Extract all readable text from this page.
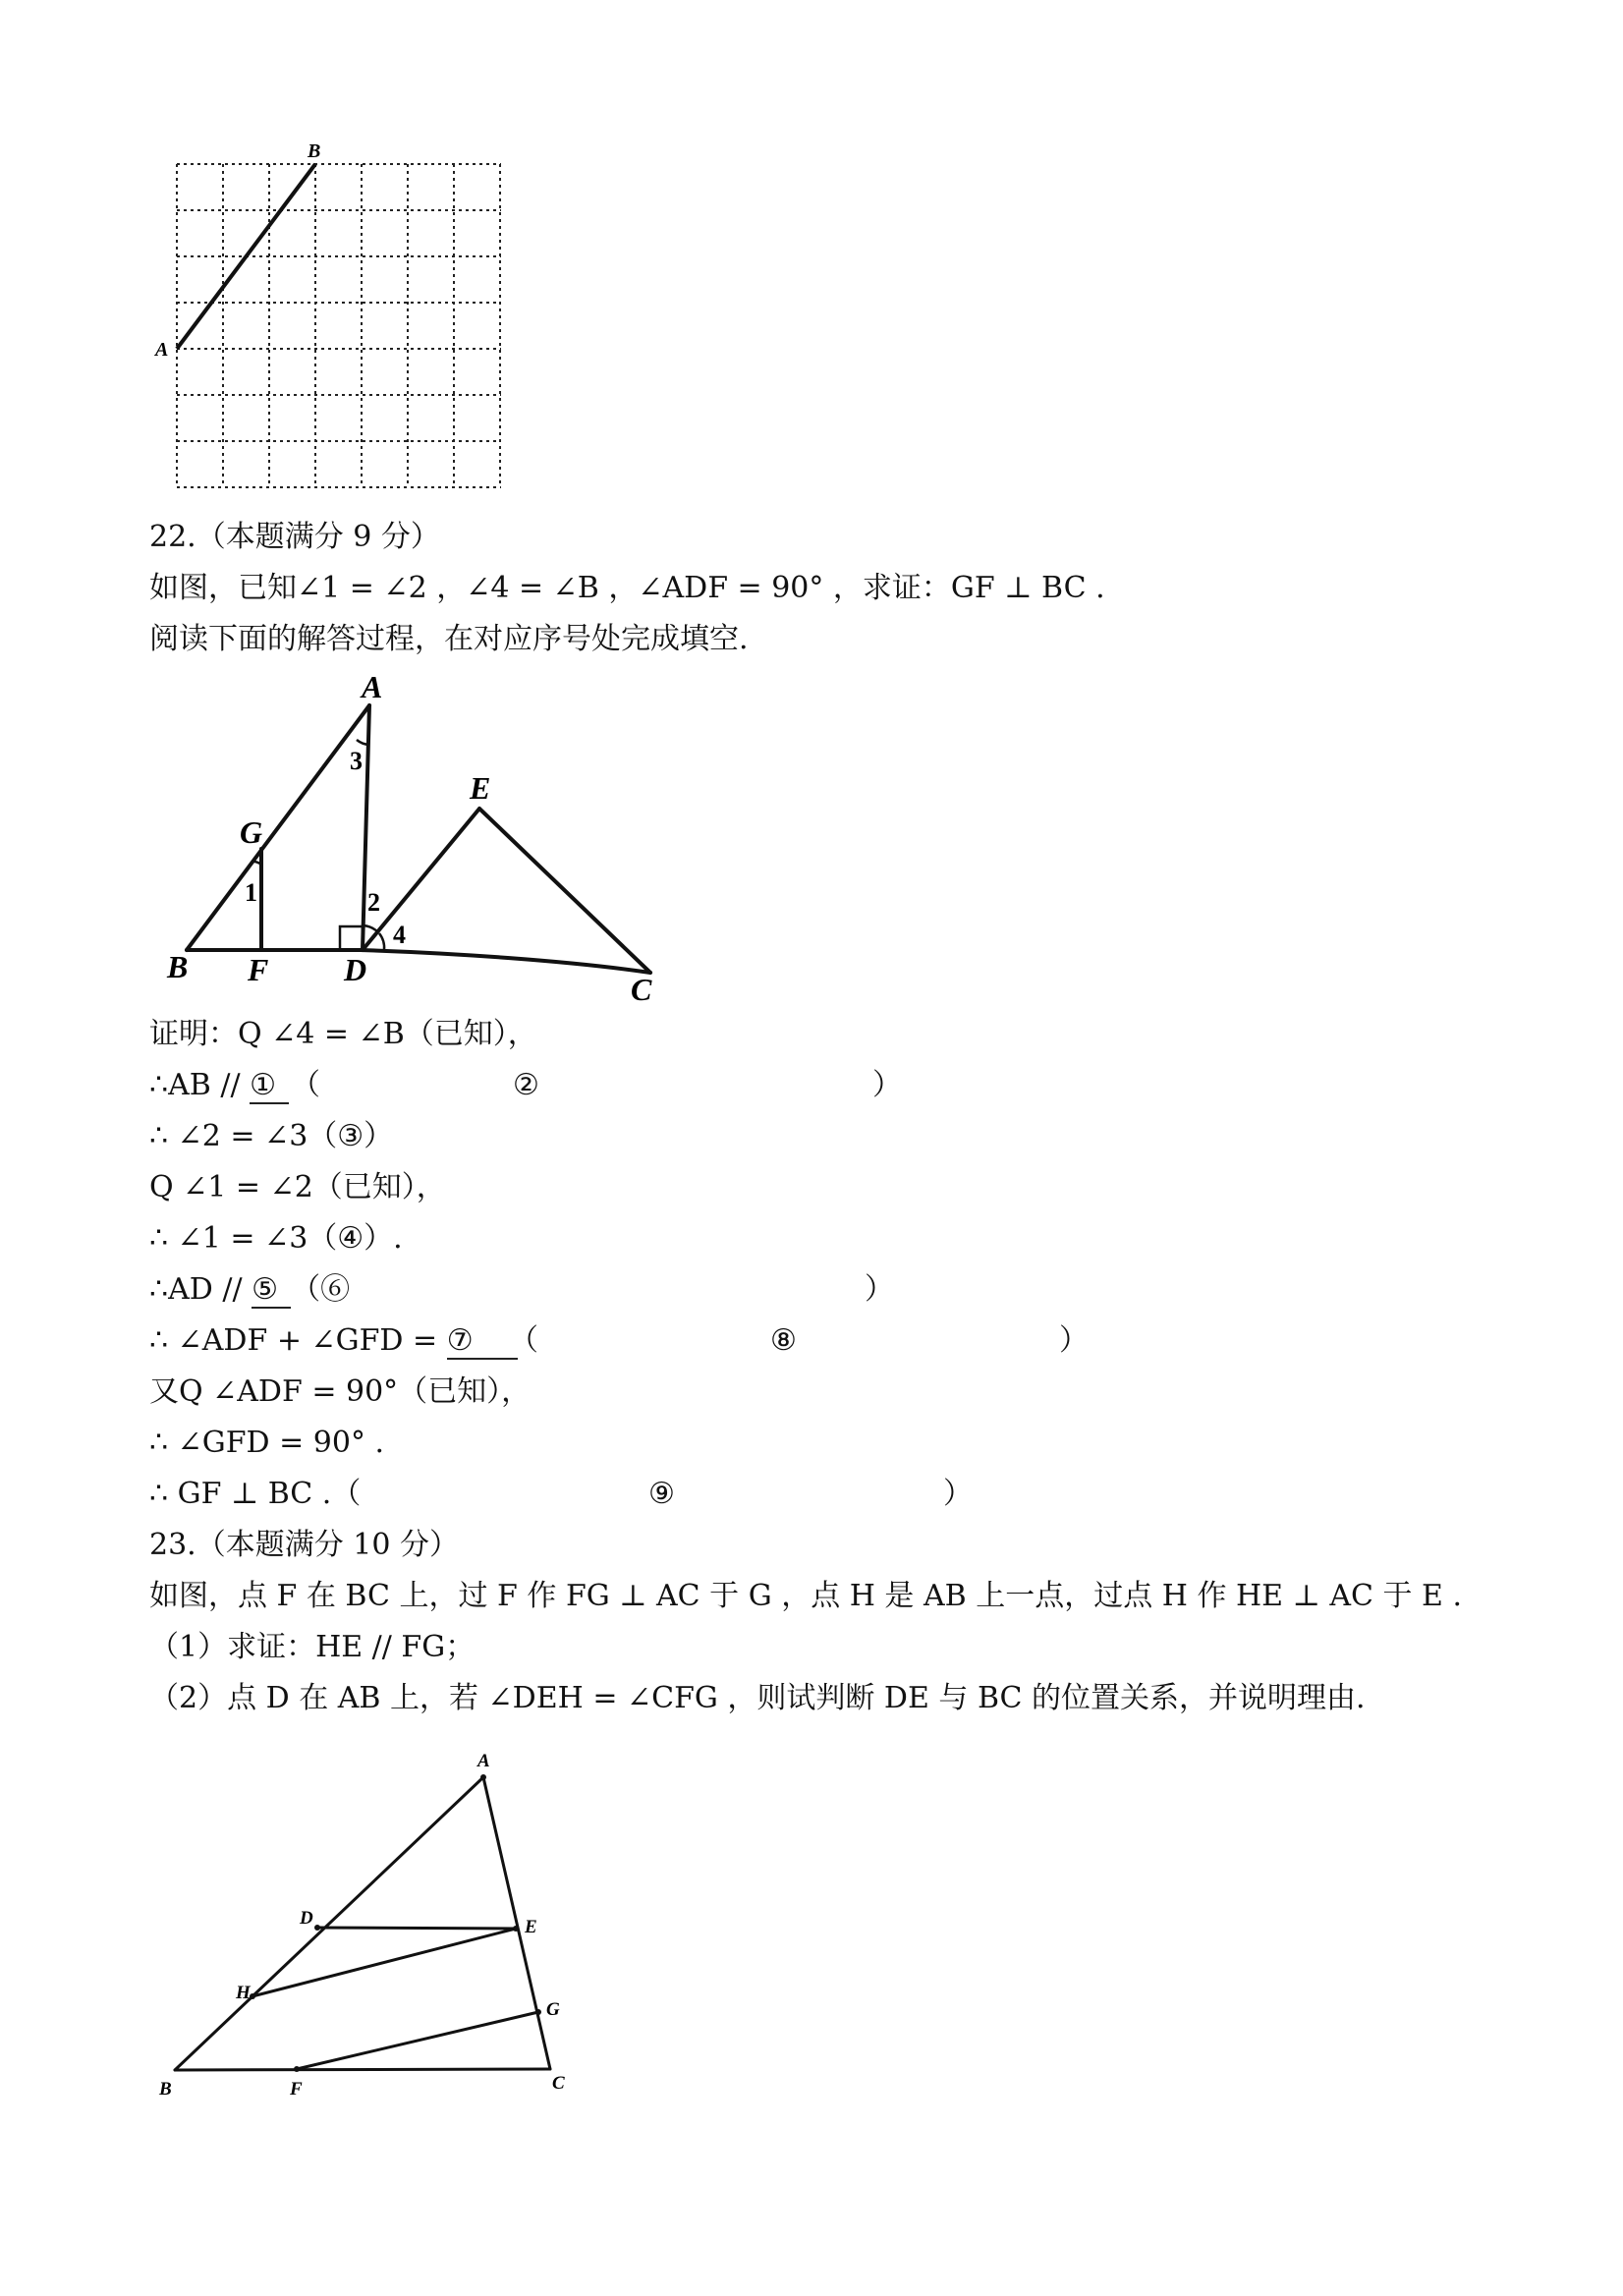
A
B
22.（本题满分 9 分）
如图，已知∠1 = ∠2 ，∠4 = ∠B ，∠ADF = 90° ，求证：GF ⊥ BC .
阅读下面的解答过程，在对应序号处完成填空.
A
B
C
D
E
F
G
1	2
3
4
证明：Q ∠4 = ∠B（已知），
∴AB // ① （	②	）
∴ ∠2 = ∠3（③）
Q ∠1 = ∠2（已知），
∴ ∠1 = ∠3（④）.
∴AD // ⑤ （⑥	）
∴ ∠ADF + ∠GFD = ⑦	（	⑧	）
又Q ∠ADF = 90°（已知），
∴ ∠GFD = 90° .
∴ GF ⊥ BC .（	⑨	）
23.（本题满分 10 分）
如图，点 F 在 BC 上，过 F 作 FG ⊥ AC 于 G ，点 H 是 AB 上一点，过点 H 作 HE ⊥ AC 于 E .
（1）求证：HE // FG；
（2）点 D 在 AB 上，若 ∠DEH = ∠CFG ，则试判断 DE 与 BC 的位置关系，并说明理由.
A
B	C
D	E
F
G
H
